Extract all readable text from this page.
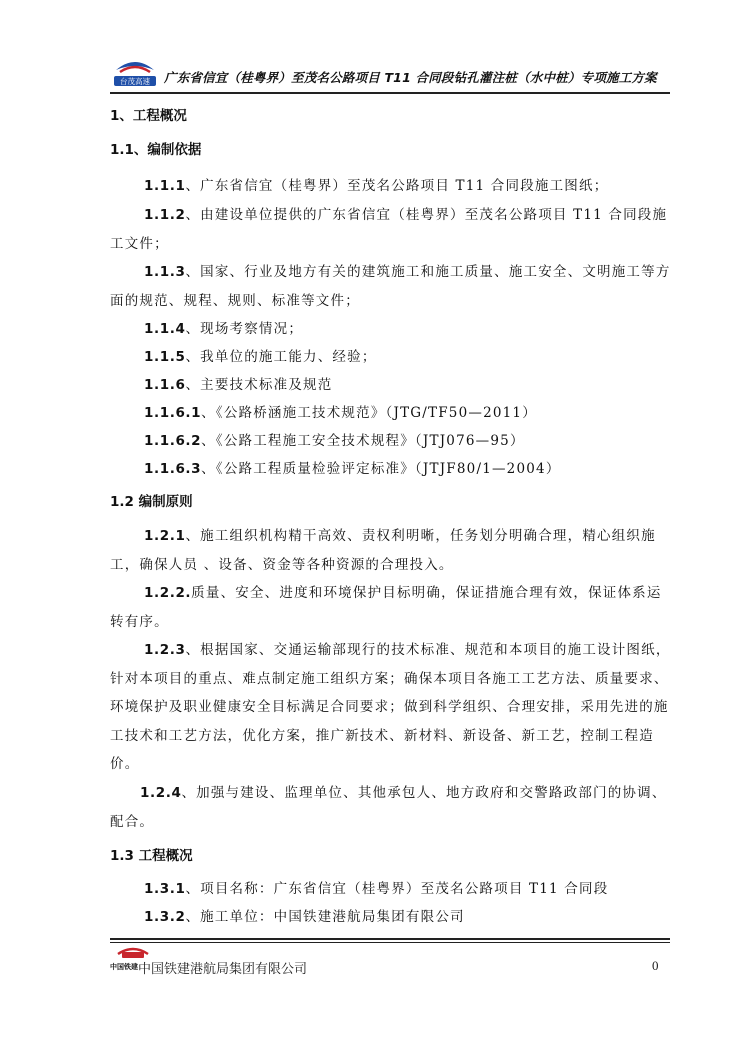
台茂高速 广东省信宜（桂粤界）至茂名公路项目 T11 合同段钻孔灌注桩（水中桩）专项施工方案
1、工程概况
1.1、编制依据
1.1.1、广东省信宜（桂粤界）至茂名公路项目 T11 合同段施工图纸；
1.1.2、由建设单位提供的广东省信宜（桂粤界）至茂名公路项目 T11 合同段施工文件；
1.1.3、国家、行业及地方有关的建筑施工和施工质量、施工安全、文明施工等方面的规范、规程、规则、标准等文件；
1.1.4、现场考察情况；
1.1.5、我单位的施工能力、经验；
1.1.6、主要技术标准及规范
1.1.6.1、《公路桥涵施工技术规范》（JTG/TF50—2011）
1.1.6.2、《公路工程施工安全技术规程》（JTJ076—95）
1.1.6.3、《公路工程质量检验评定标准》（JTJF80/1—2004）
1.2 编制原则
1.2.1、施工组织机构精干高效、责权利明晰，任务划分明确合理，精心组织施工，确保人员 、设备、资金等各种资源的合理投入。
1.2.2.质量、安全、进度和环境保护目标明确，保证措施合理有效，保证体系运转有序。
1.2.3、根据国家、交通运输部现行的技术标准、规范和本项目的施工设计图纸，针对本项目的重点、难点制定施工组织方案；确保本项目各施工工艺方法、质量要求、环境保护及职业健康安全目标满足合同要求；做到科学组织、合理安排，采用先进的施工技术和工艺方法，优化方案，推广新技术、新材料、新设备、新工艺，控制工程造价。
1.2.4、加强与建设、监理单位、其他承包人、地方政府和交警路政部门的协调、配合。
1.3 工程概况
1.3.1、项目名称：广东省信宜（桂粤界）至茂名公路项目 T11 合同段
1.3.2、施工单位：中国铁建港航局集团有限公司
中国铁建 中国铁建港航局集团有限公司	0
